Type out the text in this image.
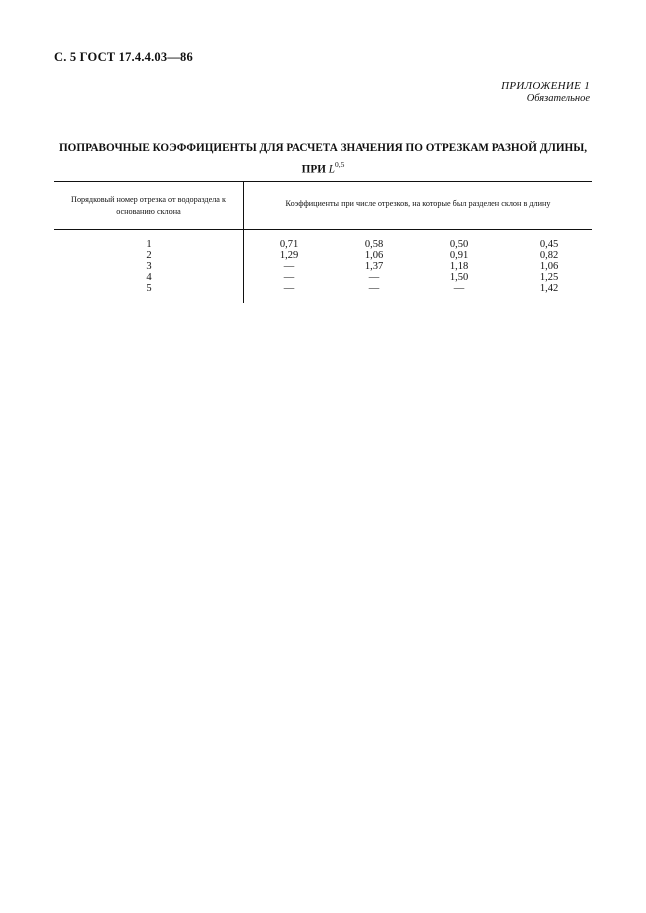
С. 5 ГОСТ 17.4.4.03—86
ПРИЛОЖЕНИЕ 1
Обязательное
ПОПРАВОЧНЫЕ КОЭФФИЦИЕНТЫ ДЛЯ РАСЧЕТА ЗНАЧЕНИЯ ПО ОТРЕЗКАМ РАЗНОЙ ДЛИНЫ,
ПРИ L$^{0,5}$
Порядковый номер отрезка от водораздела к основанию склона
Коэффициенты при числе отрезков, на которые был разделен склон в длину
1	0,71	0,58	0,50	0,45
2	1,29	1,06	0,91	0,82
3	—	1,37	1,18	1,06
4	—	—	1,50	1,25
5	—	—	—	1,42
